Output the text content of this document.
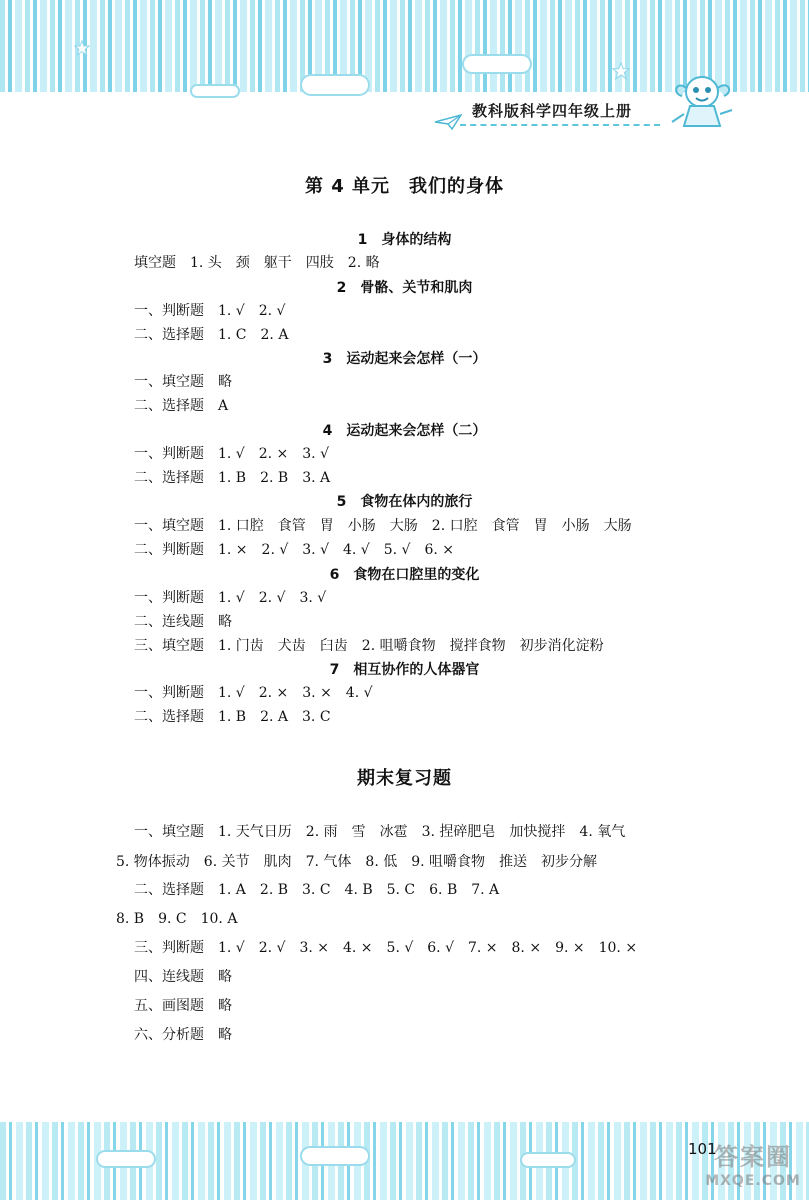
教科版科学四年级上册
第 4 单元　我们的身体
1　身体的结构
填空题　1. 头　颈　躯干　四肢　2. 略
2　骨骼、关节和肌肉
一、判断题　1. √　2. √
二、选择题　1. C　2. A
3　运动起来会怎样（一）
一、填空题　略
二、选择题　A
4　运动起来会怎样（二）
一、判断题　1. √　2. ×　3. √
二、选择题　1. B　2. B　3. A
5　食物在体内的旅行
一、填空题　1. 口腔　食管　胃　小肠　大肠　2. 口腔　食管　胃　小肠　大肠
二、判断题　1. ×　2. √　3. √　4. √　5. √　6. ×
6　食物在口腔里的变化
一、判断题　1. √　2. √　3. √
二、连线题　略
三、填空题　1. 门齿　犬齿　臼齿　2. 咀嚼食物　搅拌食物　初步消化淀粉
7　相互协作的人体器官
一、判断题　1. √　2. ×　3. ×　4. √
二、选择题　1. B　2. A　3. C
期末复习题
一、填空题　1. 天气日历　2. 雨　雪　冰雹　3. 捏碎肥皂　加快搅拌　4. 氧气
5. 物体振动　6. 关节　肌肉　7. 气体　8. 低　9. 咀嚼食物　推送　初步分解
二、选择题　1. A　2. B　3. C　4. B　5. C　6. B　7. A
8. B　9. C　10. A
三、判断题　1. √　2. √　3. ×　4. ×　5. √　6. √　7. ×　8. ×　9. ×　10. ×
四、连线题　略
五、画图题　略
六、分析题　略
101
答案圈
MXQE.COM
